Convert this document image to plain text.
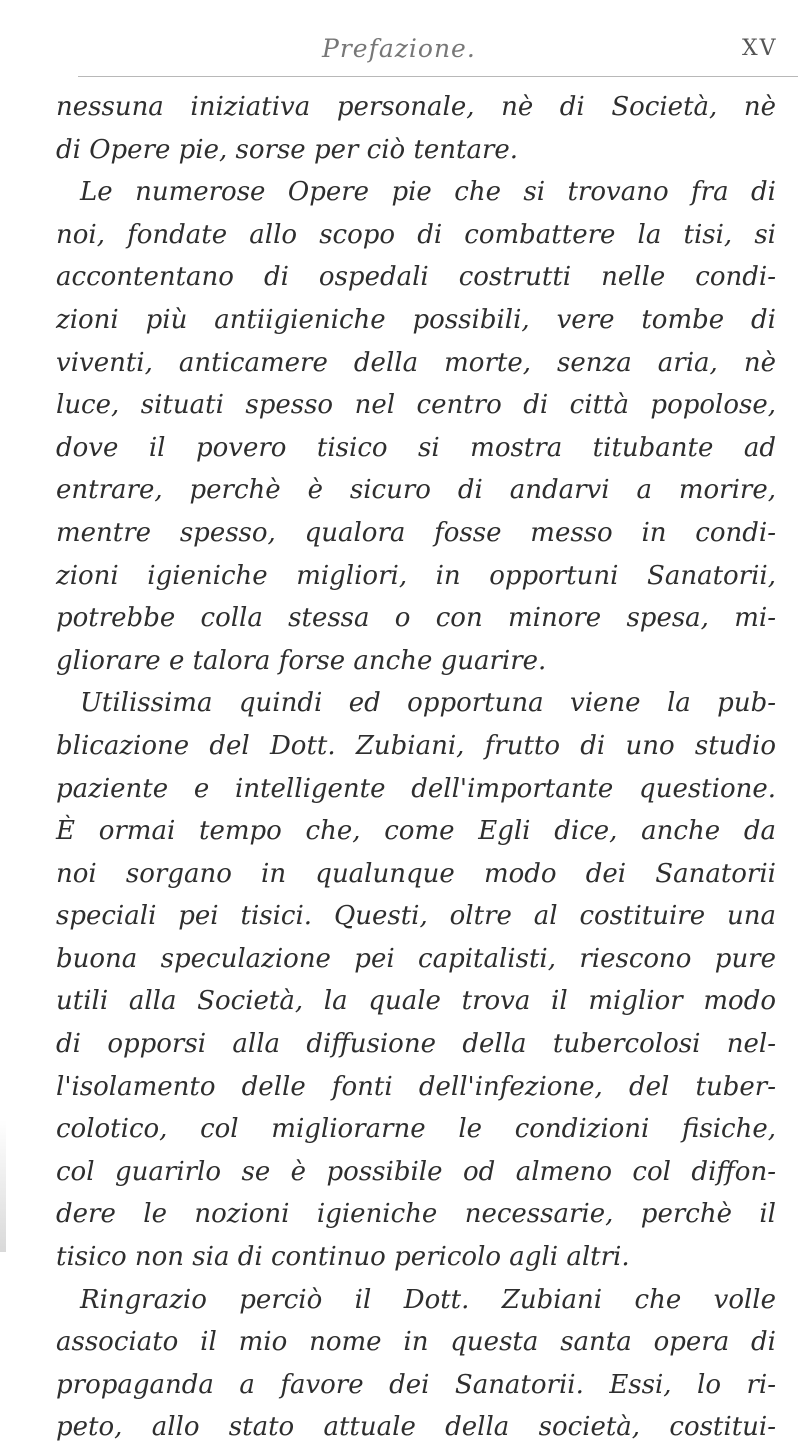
Prefazione.	XV
nessuna iniziativa personale, nè di Società, nè
di Opere pie, sorse per ciò tentare.
Le numerose Opere pie che si trovano fra di
noi, fondate allo scopo di combattere la tisi, si
accontentano di ospedali costrutti nelle condi-
zioni più antiigieniche possibili, vere tombe di
viventi, anticamere della morte, senza aria, nè
luce, situati spesso nel centro di città popolose,
dove il povero tisico si mostra titubante ad
entrare, perchè è sicuro di andarvi a morire,
mentre spesso, qualora fosse messo in condi-
zioni igieniche migliori, in opportuni Sanatorii,
potrebbe colla stessa o con minore spesa, mi-
gliorare e talora forse anche guarire.
Utilissima quindi ed opportuna viene la pub-
blicazione del Dott. Zubiani, frutto di uno studio
paziente e intelligente dell'importante questione.
È ormai tempo che, come Egli dice, anche da
noi sorgano in qualunque modo dei Sanatorii
speciali pei tisici. Questi, oltre al costituire una
buona speculazione pei capitalisti, riescono pure
utili alla Società, la quale trova il miglior modo
di opporsi alla diffusione della tubercolosi nel-
l'isolamento delle fonti dell'infezione, del tuber-
colotico, col migliorarne le condizioni fisiche,
col guarirlo se è possibile od almeno col diffon-
dere le nozioni igieniche necessarie, perchè il
tisico non sia di continuo pericolo agli altri.
Ringrazio perciò il Dott. Zubiani che volle
associato il mio nome in questa santa opera di
propaganda a favore dei Sanatorii. Essi, lo ri-
peto, allo stato attuale della società, costitui-
